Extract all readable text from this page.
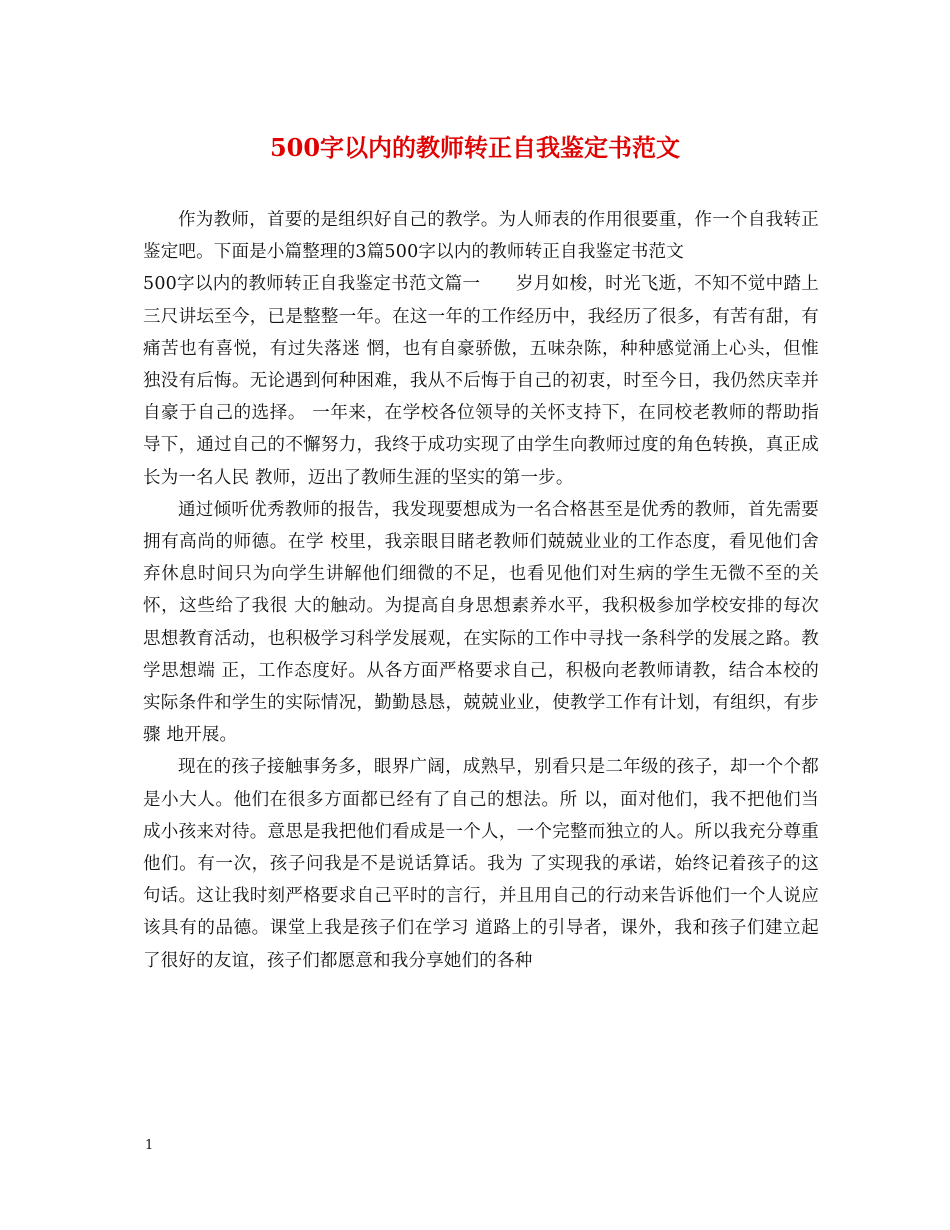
500字以内的教师转正自我鉴定书范文

作为教师，首要的是组织好自己的教学。为人师表的作用很要重，作一个自我转正鉴定吧。下面是小篇整理的3篇500字以内的教师转正自我鉴定书范文

500字以内的教师转正自我鉴定书范文篇一　　岁月如梭，时光飞逝，不知不觉中踏上三尺讲坛至今，已是整整一年。在这一年的工作经历中，我经历了很多，有苦有甜，有痛苦也有喜悦，有过失落迷 惘，也有自豪骄傲，五味杂陈，种种感觉涌上心头，但惟独没有后悔。无论遇到何种困难，我从不后悔于自己的初衷，时至今日，我仍然庆幸并自豪于自己的选择。 一年来，在学校各位领导的关怀支持下，在同校老教师的帮助指导下，通过自己的不懈努力，我终于成功实现了由学生向教师过度的角色转换，真正成长为一名人民 教师，迈出了教师生涯的坚实的第一步。

通过倾听优秀教师的报告，我发现要想成为一名合格甚至是优秀的教师，首先需要拥有高尚的师德。在学 校里，我亲眼目睹老教师们兢兢业业的工作态度，看见他们舍弃休息时间只为向学生讲解他们细微的不足，也看见他们对生病的学生无微不至的关怀，这些给了我很 大的触动。为提高自身思想素养水平，我积极参加学校安排的每次思想教育活动，也积极学习科学发展观，在实际的工作中寻找一条科学的发展之路。教学思想端 正，工作态度好。从各方面严格要求自己，积极向老教师请教，结合本校的实际条件和学生的实际情况，勤勤恳恳，兢兢业业，使教学工作有计划，有组织，有步骤 地开展。

现在的孩子接触事务多，眼界广阔，成熟早，别看只是二年级的孩子，却一个个都是小大人。他们在很多方面都已经有了自己的想法。所 以，面对他们，我不把他们当成小孩来对待。意思是我把他们看成是一个人，一个完整而独立的人。所以我充分尊重他们。有一次，孩子问我是不是说话算话。我为 了实现我的承诺，始终记着孩子的这句话。这让我时刻严格要求自己平时的言行，并且用自己的行动来告诉他们一个人说应该具有的品德。课堂上我是孩子们在学习 道路上的引导者，课外，我和孩子们建立起了很好的友谊，孩子们都愿意和我分享她们的各种

1
